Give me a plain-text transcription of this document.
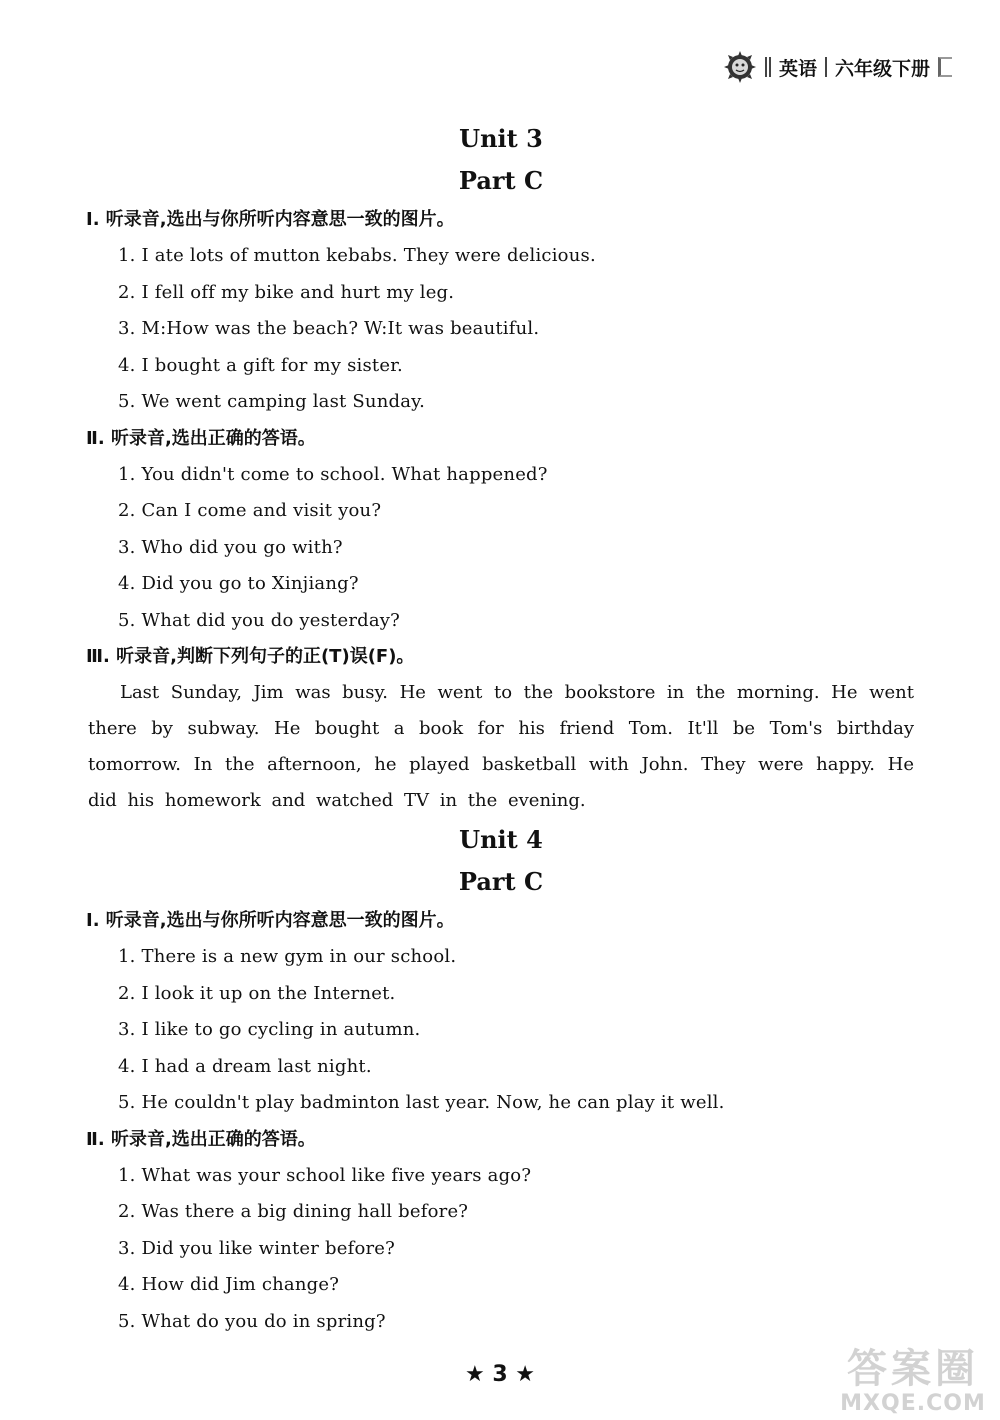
英语 六年级下册
Unit 3
Part C
Ⅰ. 听录音,选出与你所听内容意思一致的图片。
1. I ate lots of mutton kebabs. They were delicious.
2. I fell off my bike and hurt my leg.
3. M:How was the beach? W:It was beautiful.
4. I bought a gift for my sister.
5. We went camping last Sunday.
Ⅱ. 听录音,选出正确的答语。
1. You didn't come to school. What happened?
2. Can I come and visit you?
3. Who did you go with?
4. Did you go to Xinjiang?
5. What did you do yesterday?
Ⅲ. 听录音,判断下列句子的正(T)误(F)。
Last Sunday, Jim was busy. He went to the bookstore in the morning. He went there by subway. He bought a book for his friend Tom. It'll be Tom's birthday tomorrow. In the afternoon, he played basketball with John. They were happy. He did his homework and watched TV in the evening.
Unit 4
Part C
Ⅰ. 听录音,选出与你所听内容意思一致的图片。
1. There is a new gym in our school.
2. I look it up on the Internet.
3. I like to go cycling in autumn.
4. I had a dream last night.
5. He couldn't play badminton last year. Now, he can play it well.
Ⅱ. 听录音,选出正确的答语。
1. What was your school like five years ago?
2. Was there a big dining hall before?
3. Did you like winter before?
4. How did Jim change?
5. What do you do in spring?
★ 3 ★	答案圈
MXQE.COM
